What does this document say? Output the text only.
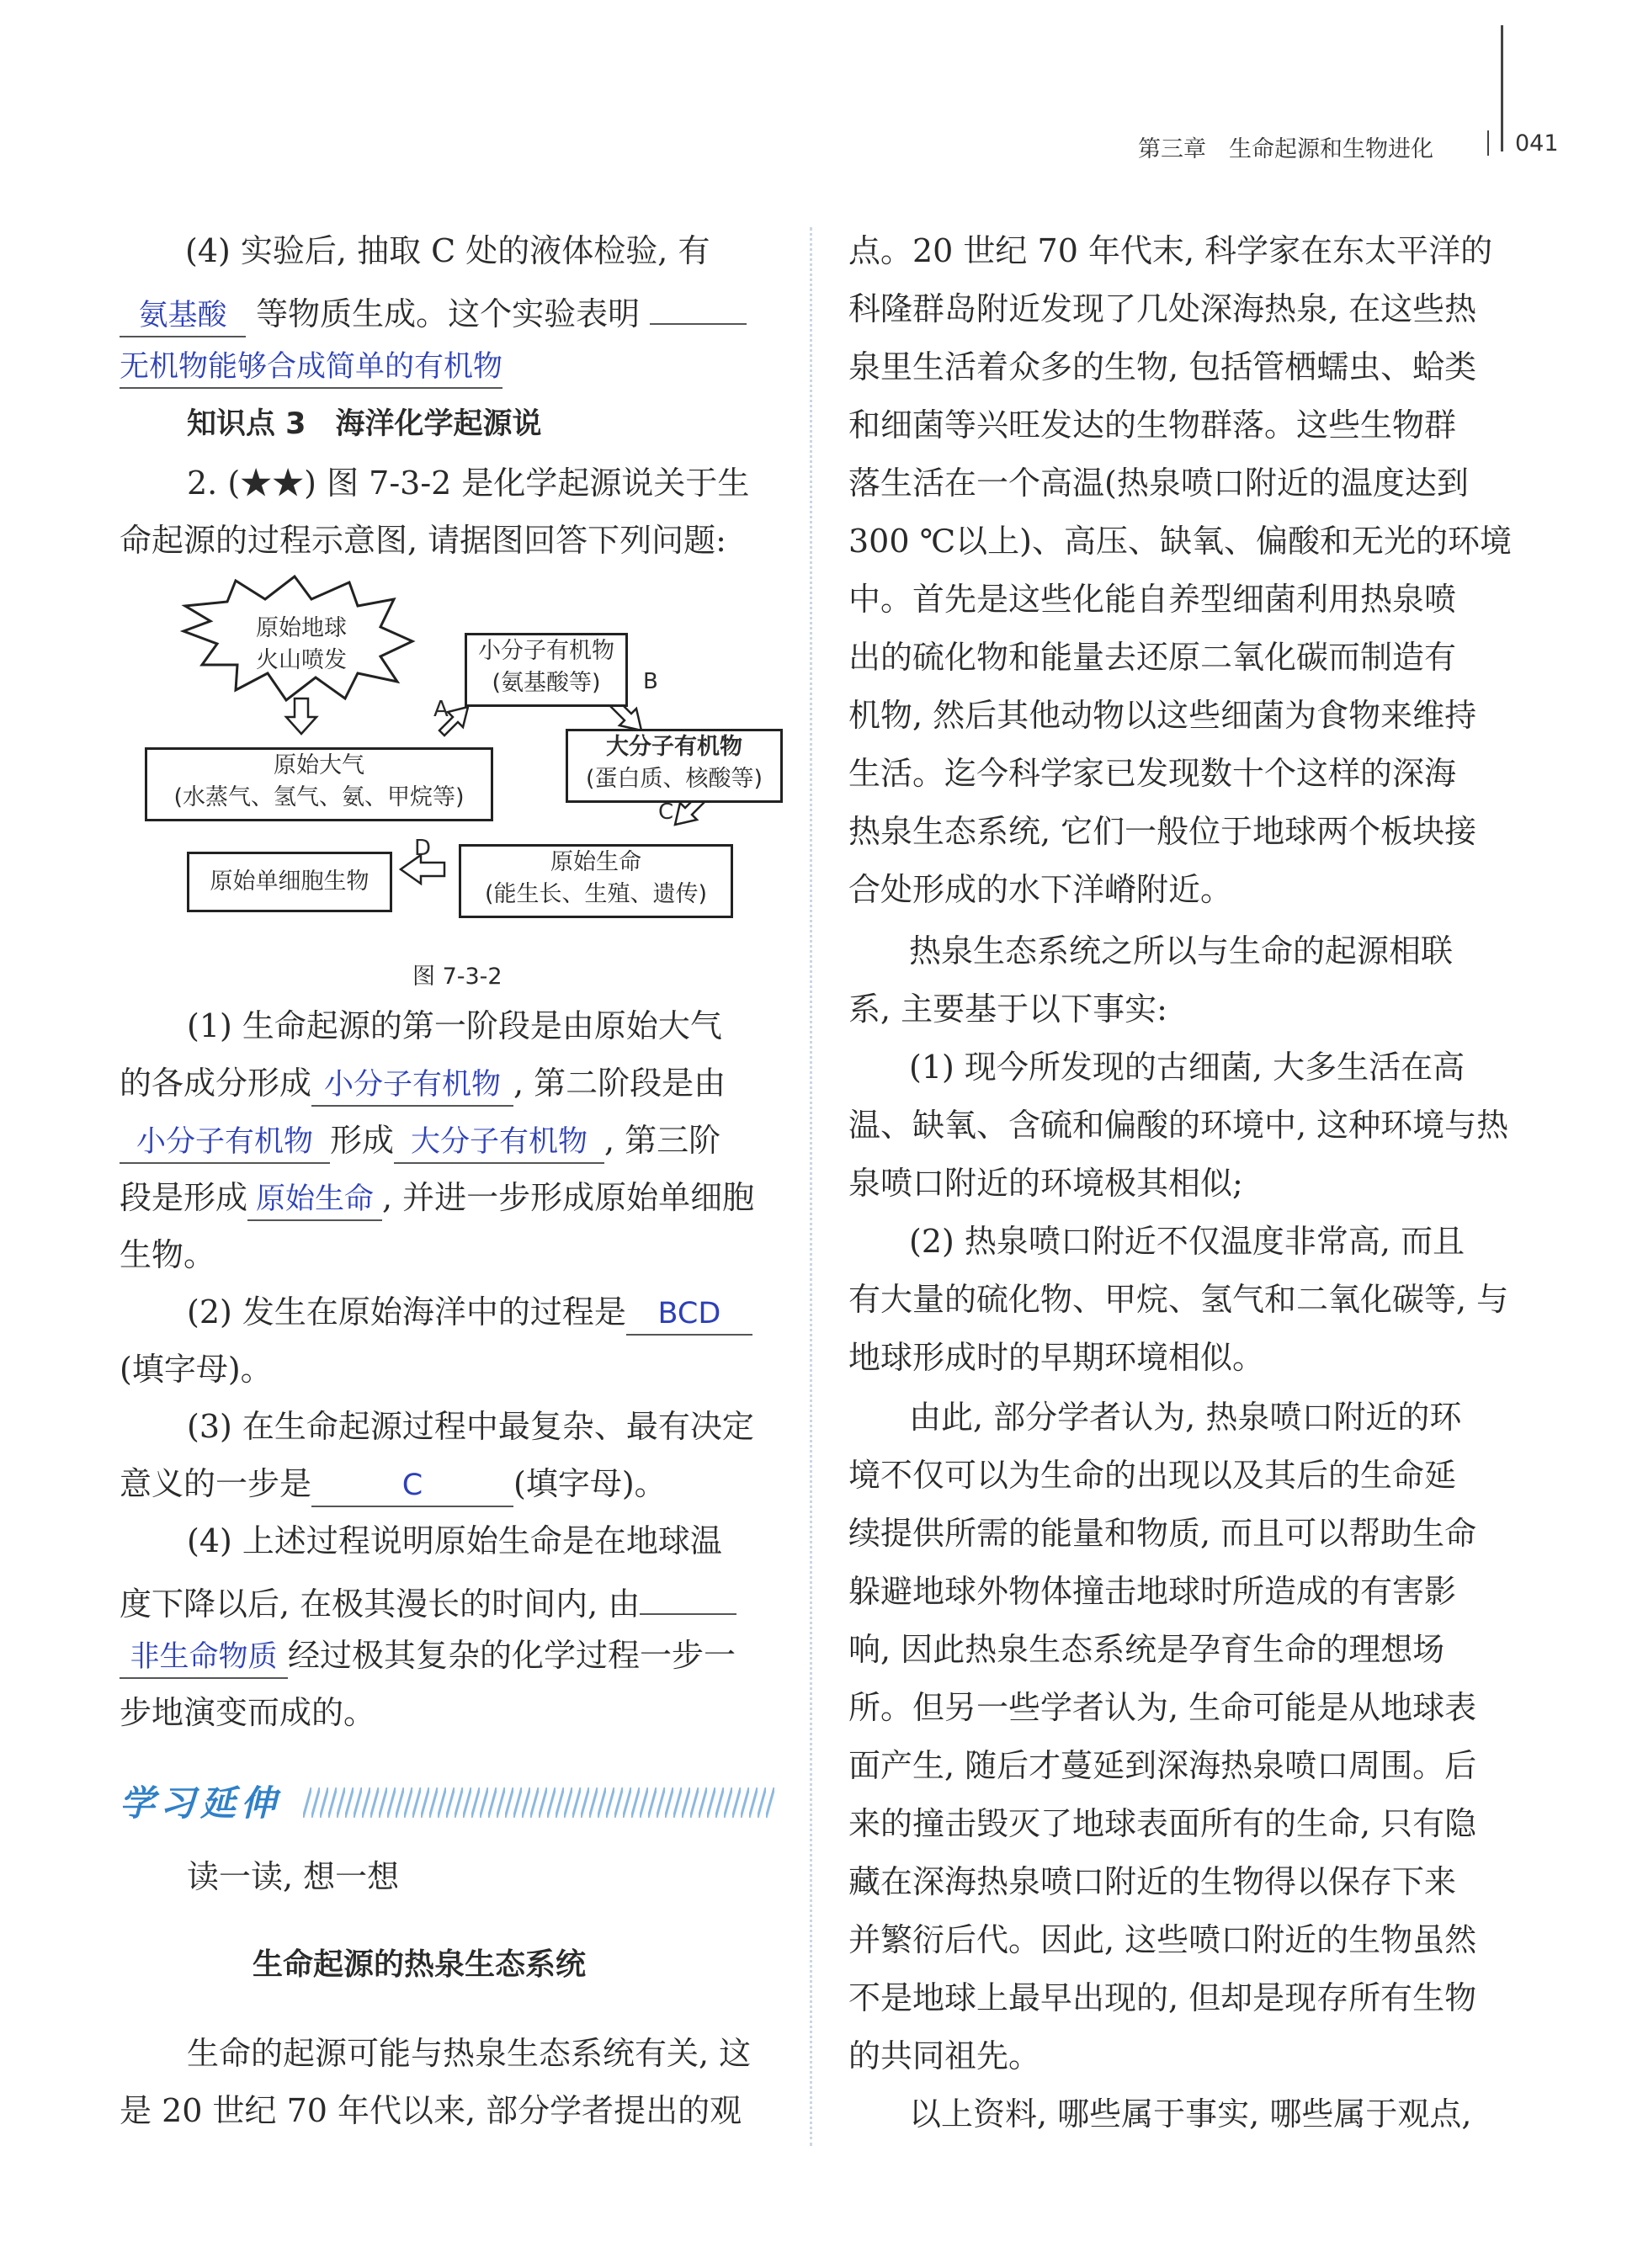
第三章　生命起源和生物进化	041
(4) 实验后, 抽取 C 处的液体检验, 有
氨基酸 等物质生成。这个实验表明
无机物能够合成简单的有机物
知识点 3　海洋化学起源说
2. (★★) 图 7-3-2 是化学起源说关于生
命起源的过程示意图, 请据图回答下列问题:
原始地球
火山喷发	小分子有机物
(氨基酸等)
原始大气
(水蒸气、氢气、氨、甲烷等)
大分子有机物
(蛋白质、核酸等)
原始生命
(能生长、生殖、遗传)
原始单细胞生物
A
B
C
D
图 7-3-2
(1) 生命起源的第一阶段是由原始大气
的各成分形成 小分子有机物 , 第二阶段是由
小分子有机物 形成 大分子有机物 , 第三阶
段是形成 原始生命 , 并进一步形成原始单细胞
生物。
(2) 发生在原始海洋中的过程是 BCD
(填字母)。
(3) 在生命起源过程中最复杂、最有决定
意义的一步是	C	(填字母)。
(4) 上述过程说明原始生命是在地球温
度下降以后, 在极其漫长的时间内, 由
非生命物质 经过极其复杂的化学过程一步一
步地演变而成的。
学习延伸
读一读, 想一想
生命起源的热泉生态系统
生命的起源可能与热泉生态系统有关, 这
是 20 世纪 70 年代以来, 部分学者提出的观
点。20 世纪 70 年代末, 科学家在东太平洋的
科隆群岛附近发现了几处深海热泉, 在这些热
泉里生活着众多的生物, 包括管栖蠕虫、蛤类
和细菌等兴旺发达的生物群落。这些生物群
落生活在一个高温(热泉喷口附近的温度达到
300 ℃以上)、高压、缺氧、偏酸和无光的环境
中。首先是这些化能自养型细菌利用热泉喷
出的硫化物和能量去还原二氧化碳而制造有
机物, 然后其他动物以这些细菌为食物来维持
生活。迄今科学家已发现数十个这样的深海
热泉生态系统, 它们一般位于地球两个板块接
合处形成的水下洋嵴附近。
热泉生态系统之所以与生命的起源相联
系, 主要基于以下事实:
(1) 现今所发现的古细菌, 大多生活在高
温、缺氧、含硫和偏酸的环境中, 这种环境与热
泉喷口附近的环境极其相似;
(2) 热泉喷口附近不仅温度非常高, 而且
有大量的硫化物、甲烷、氢气和二氧化碳等, 与
地球形成时的早期环境相似。
由此, 部分学者认为, 热泉喷口附近的环
境不仅可以为生命的出现以及其后的生命延
续提供所需的能量和物质, 而且可以帮助生命
躲避地球外物体撞击地球时所造成的有害影
响, 因此热泉生态系统是孕育生命的理想场
所。但另一些学者认为, 生命可能是从地球表
面产生, 随后才蔓延到深海热泉喷口周围。后
来的撞击毁灭了地球表面所有的生命, 只有隐
藏在深海热泉喷口附近的生物得以保存下来
并繁衍后代。因此, 这些喷口附近的生物虽然
不是地球上最早出现的, 但却是现存所有生物
的共同祖先。
以上资料, 哪些属于事实, 哪些属于观点,
